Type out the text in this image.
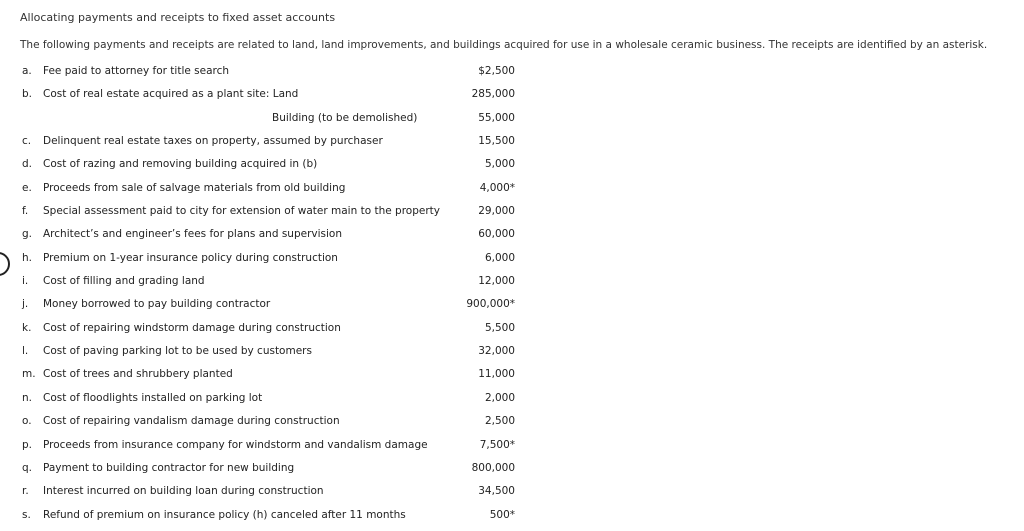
Allocating payments and receipts to fixed asset accounts
The following payments and receipts are related to land, land improvements, and buildings acquired for use in a wholesale ceramic business. The receipts are identified by an asterisk.
a.	Fee paid to attorney for title search	$2,500
b.	Cost of real estate acquired as a plant site: Land	285,000
Building (to be demolished)	55,000
c.	Delinquent real estate taxes on property, assumed by purchaser	15,500
d.	Cost of razing and removing building acquired in (b)	5,000
e.	Proceeds from sale of salvage materials from old building	4,000*
f.	Special assessment paid to city for extension of water main to the property	29,000
g.	Architect’s and engineer’s fees for plans and supervision	60,000
h.	Premium on 1-year insurance policy during construction	6,000
i.	Cost of filling and grading land	12,000
j.	Money borrowed to pay building contractor	900,000*
k.	Cost of repairing windstorm damage during construction	5,500
l.	Cost of paving parking lot to be used by customers	32,000
m. Cost of trees and shrubbery planted	11,000
n.	Cost of floodlights installed on parking lot	2,000
o.	Cost of repairing vandalism damage during construction	2,500
p.	Proceeds from insurance company for windstorm and vandalism damage	7,500*
q.	Payment to building contractor for new building	800,000
r.	Interest incurred on building loan during construction	34,500
s.	Refund of premium on insurance policy (h) canceled after 11 months	500*
